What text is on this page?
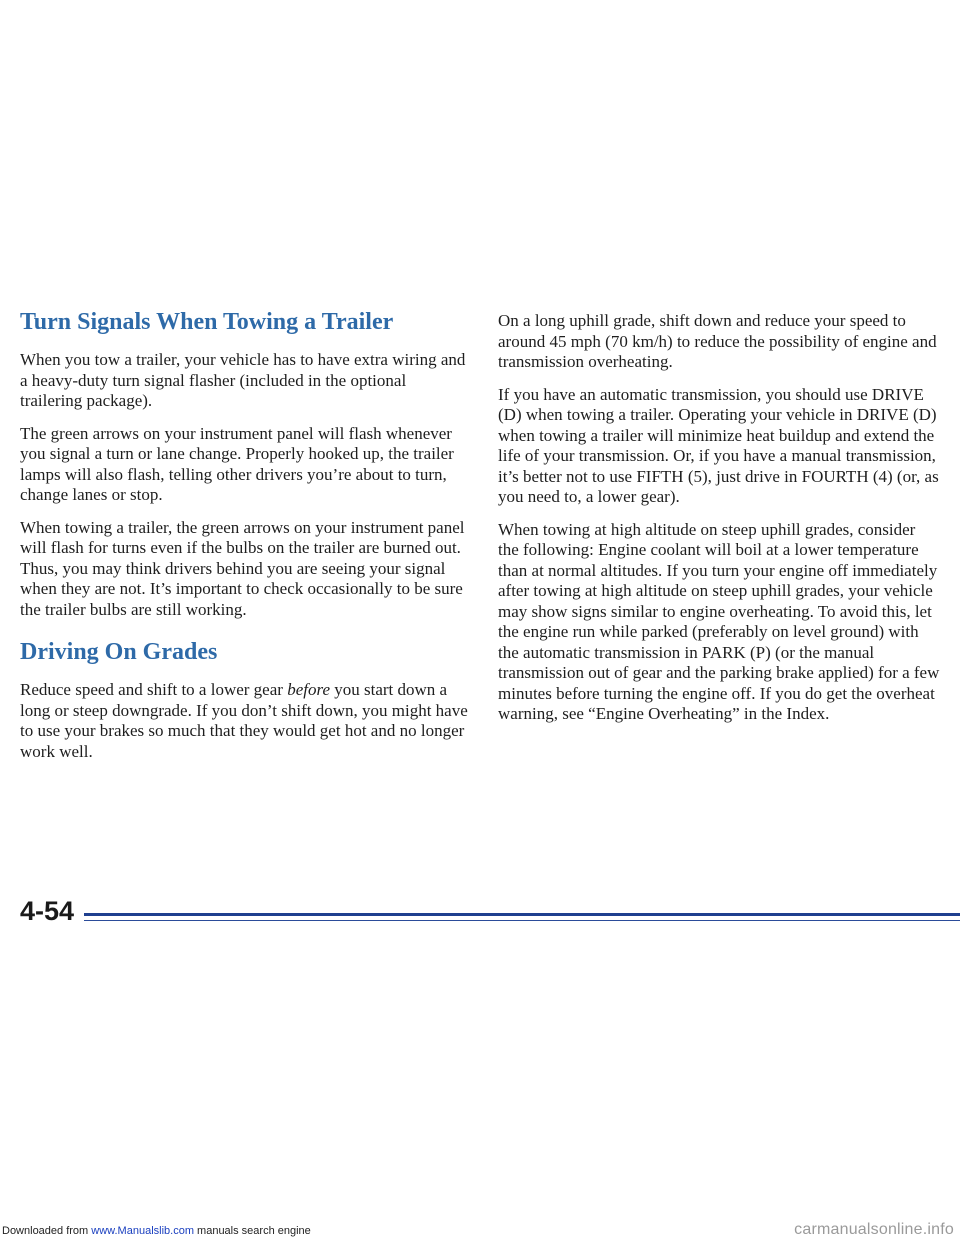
Turn Signals When Towing a Trailer

When you tow a trailer, your vehicle has to have extra wiring and a heavy-duty turn signal flasher (included in the optional trailering package).

The green arrows on your instrument panel will flash whenever you signal a turn or lane change. Properly hooked up, the trailer lamps will also flash, telling other drivers you’re about to turn, change lanes or stop.

When towing a trailer, the green arrows on your instrument panel will flash for turns even if the bulbs on the trailer are burned out. Thus, you may think drivers behind you are seeing your signal when they are not. It’s important to check occasionally to be sure the trailer bulbs are still working.

Driving On Grades

Reduce speed and shift to a lower gear before you start down a long or steep downgrade. If you don’t shift down, you might have to use your brakes so much that they would get hot and no longer work well.

On a long uphill grade, shift down and reduce your speed to around 45 mph (70 km/h) to reduce the possibility of engine and transmission overheating.

If you have an automatic transmission, you should use DRIVE (D) when towing a trailer. Operating your vehicle in DRIVE (D) when towing a trailer will minimize heat buildup and extend the life of your transmission. Or, if you have a manual transmission, it’s better not to use FIFTH (5), just drive in FOURTH (4) (or, as you need to, a lower gear).

When towing at high altitude on steep uphill grades, consider the following: Engine coolant will boil at a lower temperature than at normal altitudes. If you turn your engine off immediately after towing at high altitude on steep uphill grades, your vehicle may show signs similar to engine overheating. To avoid this, let the engine run while parked (preferably on level ground) with the automatic transmission in PARK (P) (or the manual transmission out of gear and the parking brake applied) for a few minutes before turning the engine off. If you do get the overheat warning, see “Engine Overheating” in the Index.

4-54
Downloaded from www.Manualslib.com manuals search engine	carmanualsonline.info
